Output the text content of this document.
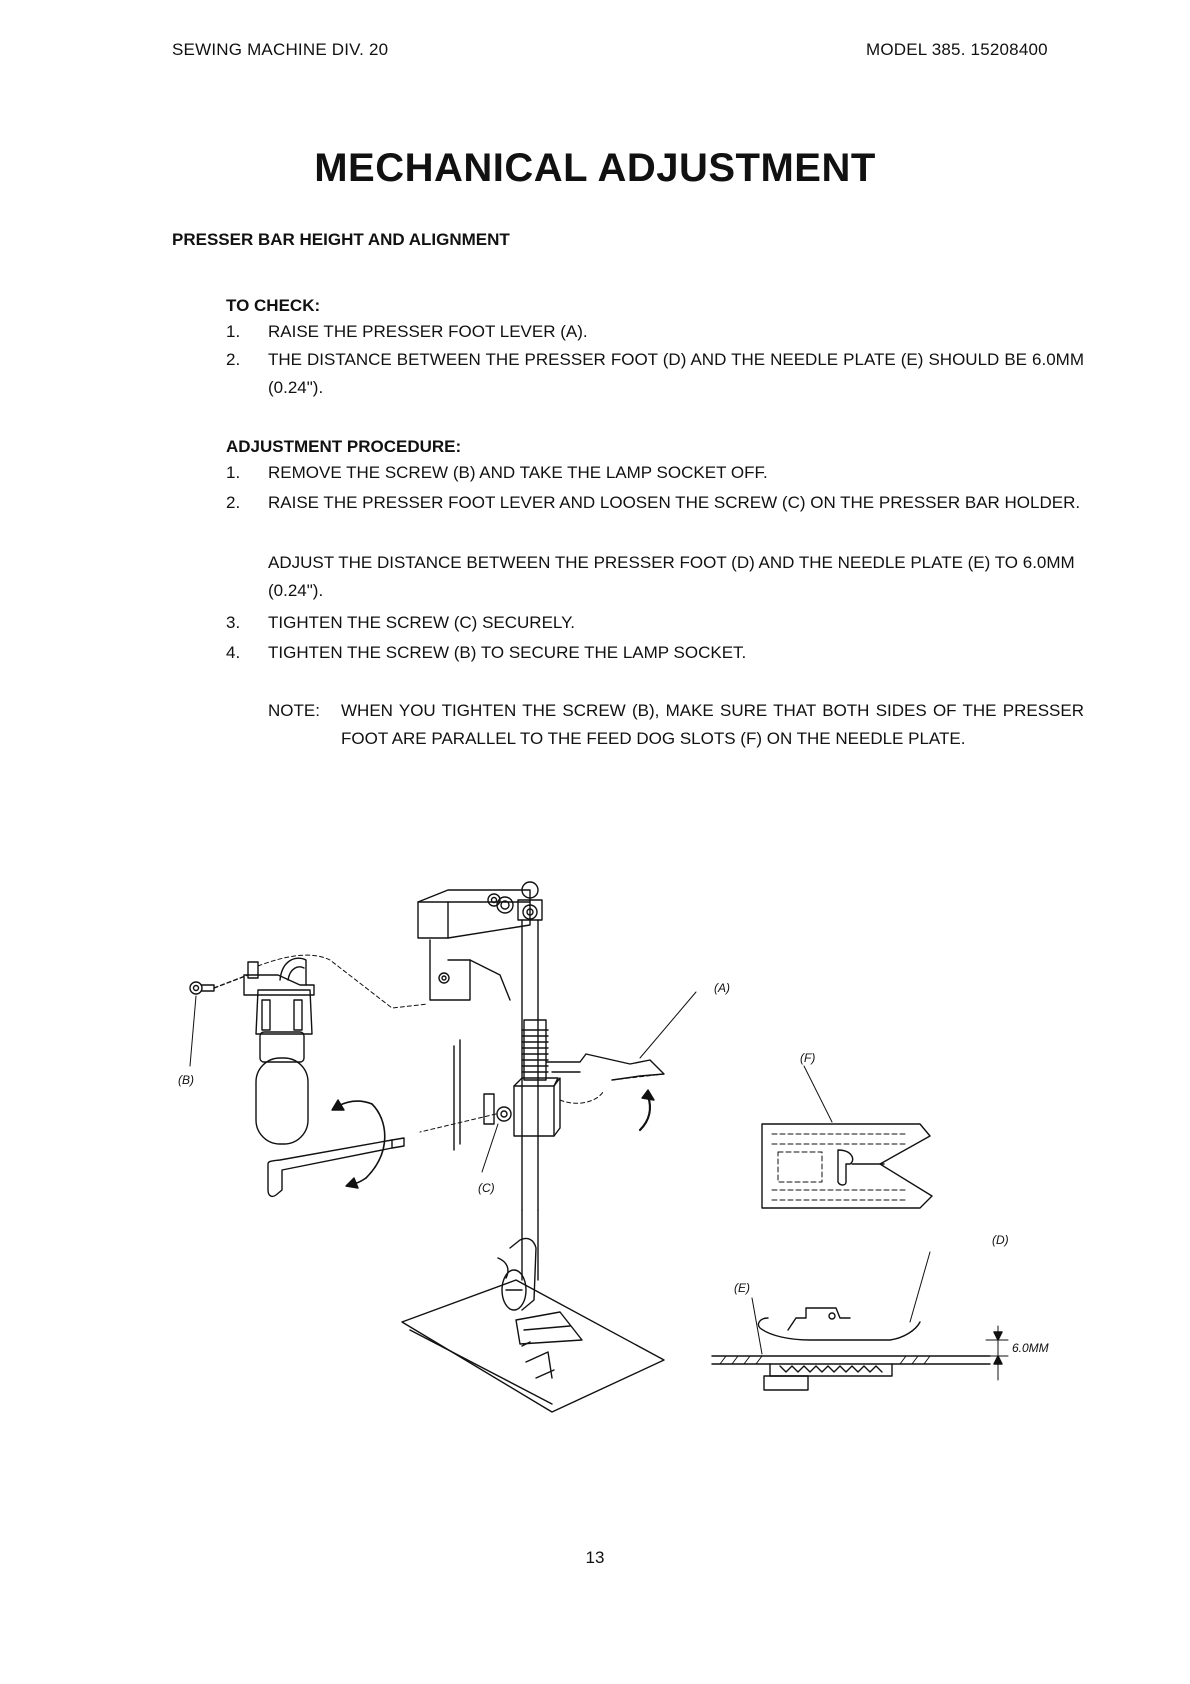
SEWING MACHINE DIV. 20	MODEL 385. 15208400
MECHANICAL ADJUSTMENT
PRESSER BAR HEIGHT AND ALIGNMENT
TO CHECK:
1. RAISE THE PRESSER FOOT LEVER (A).
2. THE DISTANCE BETWEEN THE PRESSER FOOT (D) AND THE NEEDLE PLATE (E) SHOULD BE 6.0MM (0.24").
ADJUSTMENT PROCEDURE:
1. REMOVE THE SCREW (B) AND TAKE THE LAMP SOCKET OFF.
2. RAISE THE PRESSER FOOT LEVER AND LOOSEN THE SCREW (C) ON THE PRESSER BAR HOLDER.
ADJUST THE DISTANCE BETWEEN THE PRESSER FOOT (D) AND THE NEEDLE PLATE (E) TO 6.0MM (0.24").
3. TIGHTEN THE SCREW (C) SECURELY.
4. TIGHTEN THE SCREW (B) TO SECURE THE LAMP SOCKET.
NOTE: WHEN YOU TIGHTEN THE SCREW (B), MAKE SURE THAT BOTH SIDES OF THE PRESSER FOOT ARE PARALLEL TO THE FEED DOG SLOTS (F) ON THE NEEDLE PLATE.
(A)
(B)
(C)
(D)
(E)
(F)
6.0MM
13
